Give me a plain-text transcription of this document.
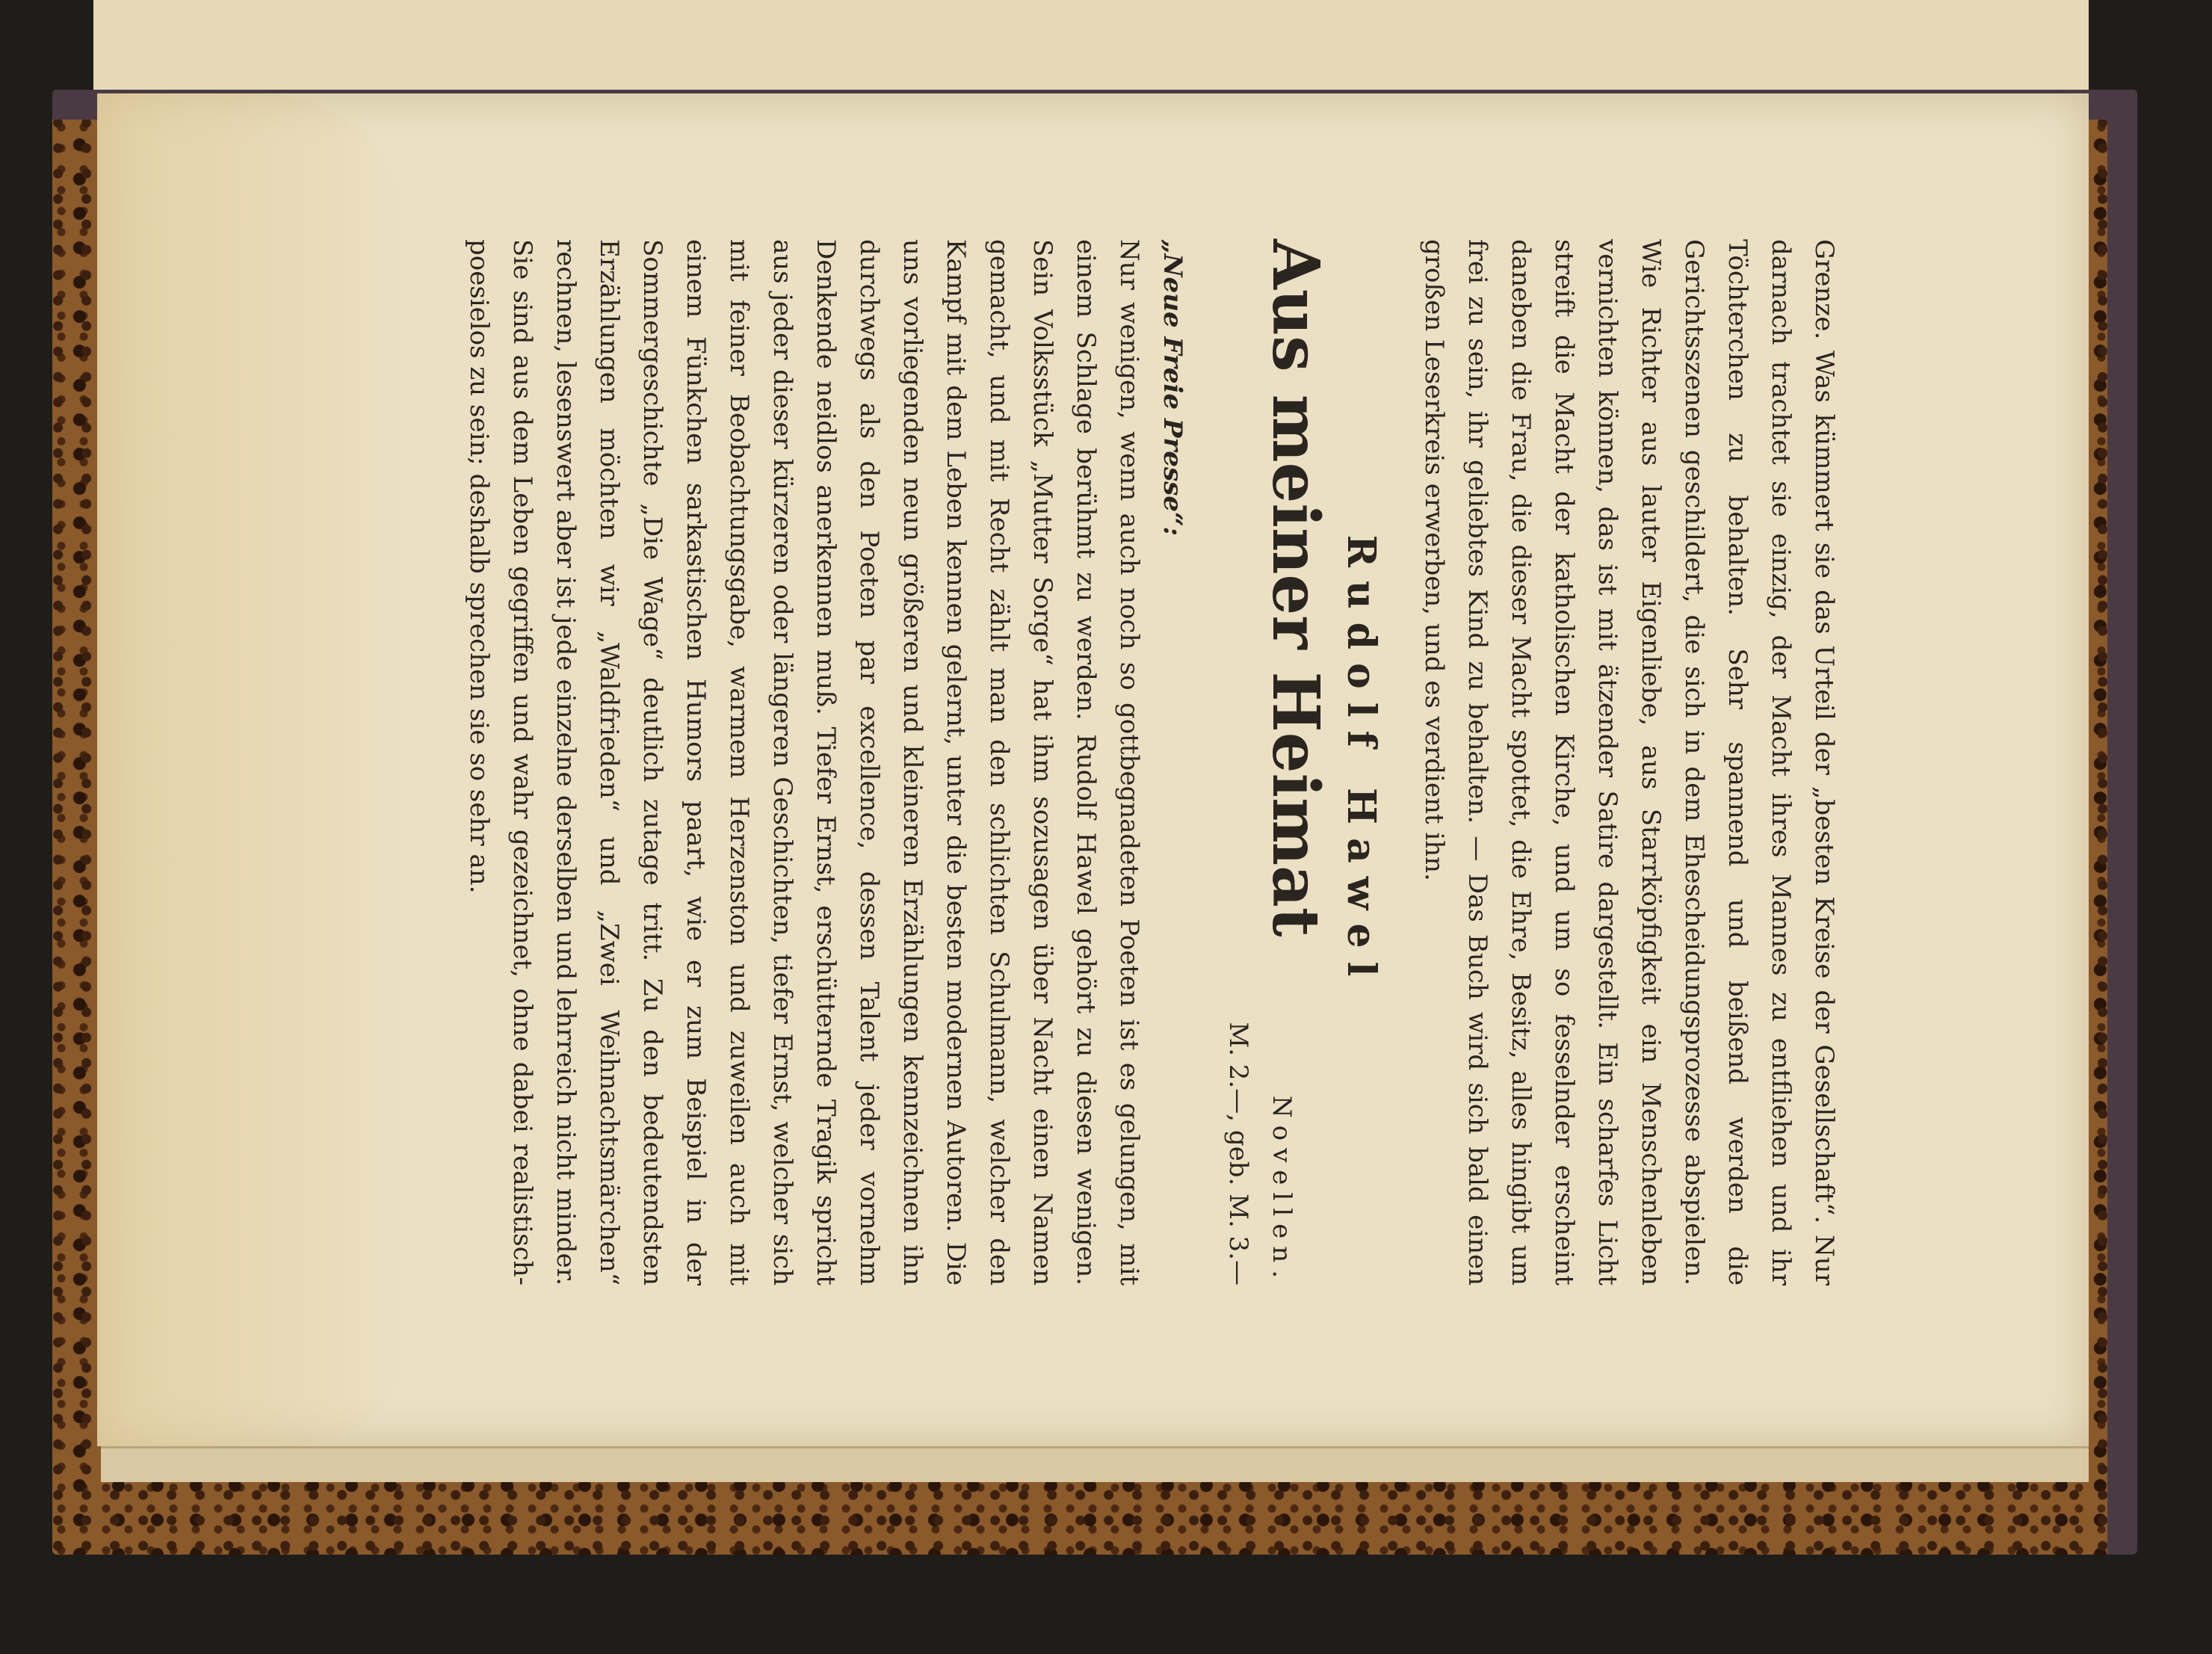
Grenze. Was kümmert sie das Urteil der „besten Kreise der Gesellschaft“. Nur darnach trachtet sie einzig, der Macht ihres Mannes zu entfliehen und ihr Töchterchen zu behalten. Sehr spannend und beißend werden die Gerichtsszenen geschildert, die sich in dem Ehescheidungsprozesse abspielen. Wie Richter aus lauter Eigenliebe, aus Starrköpfigkeit ein Menschenleben vernichten können, das ist mit ätzender Satire dargestellt. Ein scharfes Licht streift die Macht der katholischen Kirche, und um so fesselnder erscheint daneben die Frau, die dieser Macht spottet, die Ehre, Besitz, alles hingibt um frei zu sein, ihr geliebtes Kind zu behalten. — Das Buch wird sich bald einen großen Leserkreis erwerben, und es verdient ihn.

Rudolf Hawel
Aus meiner Heimat
Novellen.
M. 2.—, geb. M. 3.—
„Neue Freie Presse“:

Nur wenigen, wenn auch noch so gottbegnadeten Poeten ist es gelungen, mit einem Schlage berühmt zu werden. Rudolf Hawel gehört zu diesen wenigen. Sein Volksstück „Mutter Sorge“ hat ihm sozusagen über Nacht einen Namen gemacht, und mit Recht zählt man den schlichten Schulmann, welcher den Kampf mit dem Leben kennen gelernt, unter die besten modernen Autoren. Die uns vorliegenden neun größeren und kleineren Erzählungen kennzeichnen ihn durchwegs als den Poeten par excellence, dessen Talent jeder vornehm Denkende neidlos anerkennen muß. Tiefer Ernst, erschütternde Tragik spricht aus jeder dieser kürzeren oder längeren Geschichten, tiefer Ernst, welcher sich mit feiner Beobachtungsgabe, warmem Herzenston und zuweilen auch mit einem Fünkchen sarkastischen Humors paart, wie er zum Beispiel in der Sommergeschichte „Die Wage“ deutlich zutage tritt. Zu den bedeutendsten Erzählungen möchten wir „Waldfrieden“ und „Zwei Weihnachtsmärchen“ rechnen, lesenswert aber ist jede einzelne derselben und lehrreich nicht minder. Sie sind aus dem Leben gegriffen und wahr gezeichnet, ohne dabei realistisch-poesielos zu sein; deshalb sprechen sie so sehr an.
